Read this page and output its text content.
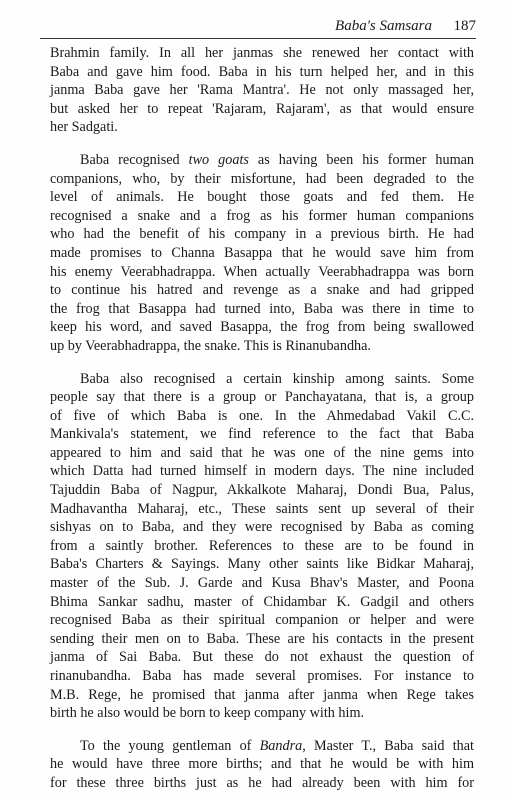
Baba's Samsara 187

Brahmin family. In all her janmas she renewed her contact with
Baba and gave him food. Baba in his turn helped her, and in this
janma Baba gave her 'Rama Mantra'. He not only massaged her,
but asked her to repeat 'Rajaram, Rajaram', as that would ensure
her Sadgati.

Baba recognised two goats as having been his former human
companions, who, by their misfortune, had been degraded to the
level of animals. He bought those goats and fed them. He
recognised a snake and a frog as his former human companions
who had the benefit of his company in a previous birth. He had
made promises to Channa Basappa that he would save him from
his enemy Veerabhadrappa. When actually Veerabhadrappa was born
to continue his hatred and revenge as a snake and had gripped
the frog that Basappa had turned into, Baba was there in time to
keep his word, and saved Basappa, the frog from being swallowed
up by Veerabhadrappa, the snake. This is Rinanubandha.

Baba also recognised a certain kinship among saints. Some
people say that there is a group or Panchayatana, that is, a group
of five of which Baba is one. In the Ahmedabad Vakil C.C.
Mankivala's statement, we find reference to the fact that Baba
appeared to him and said that he was one of the nine gems into
which Datta had turned himself in modern days. The nine included
Tajuddin Baba of Nagpur, Akkalkote Maharaj, Dondi Bua, Palus,
Madhavantha Maharaj, etc., These saints sent up several of their
sishyas on to Baba, and they were recognised by Baba as coming
from a saintly brother. References to these are to be found in
Baba's Charters & Sayings. Many other saints like Bidkar Maharaj,
master of the Sub. J. Garde and Kusa Bhav's Master, and Poona
Bhima Sankar sadhu, master of Chidambar K. Gadgil and others
recognised Baba as their spiritual companion or helper and were
sending their men on to Baba. These are his contacts in the present
janma of Sai Baba. But these do not exhaust the question of
rinanubandha. Baba has made several promises. For instance to
M.B. Rege, he promised that janma after janma when Rege takes
birth he also would be born to keep company with him.

To the young gentleman of Bandra, Master T., Baba said that
he would have three more births; and that he would be with him
for these three births just as he had already been with him for
